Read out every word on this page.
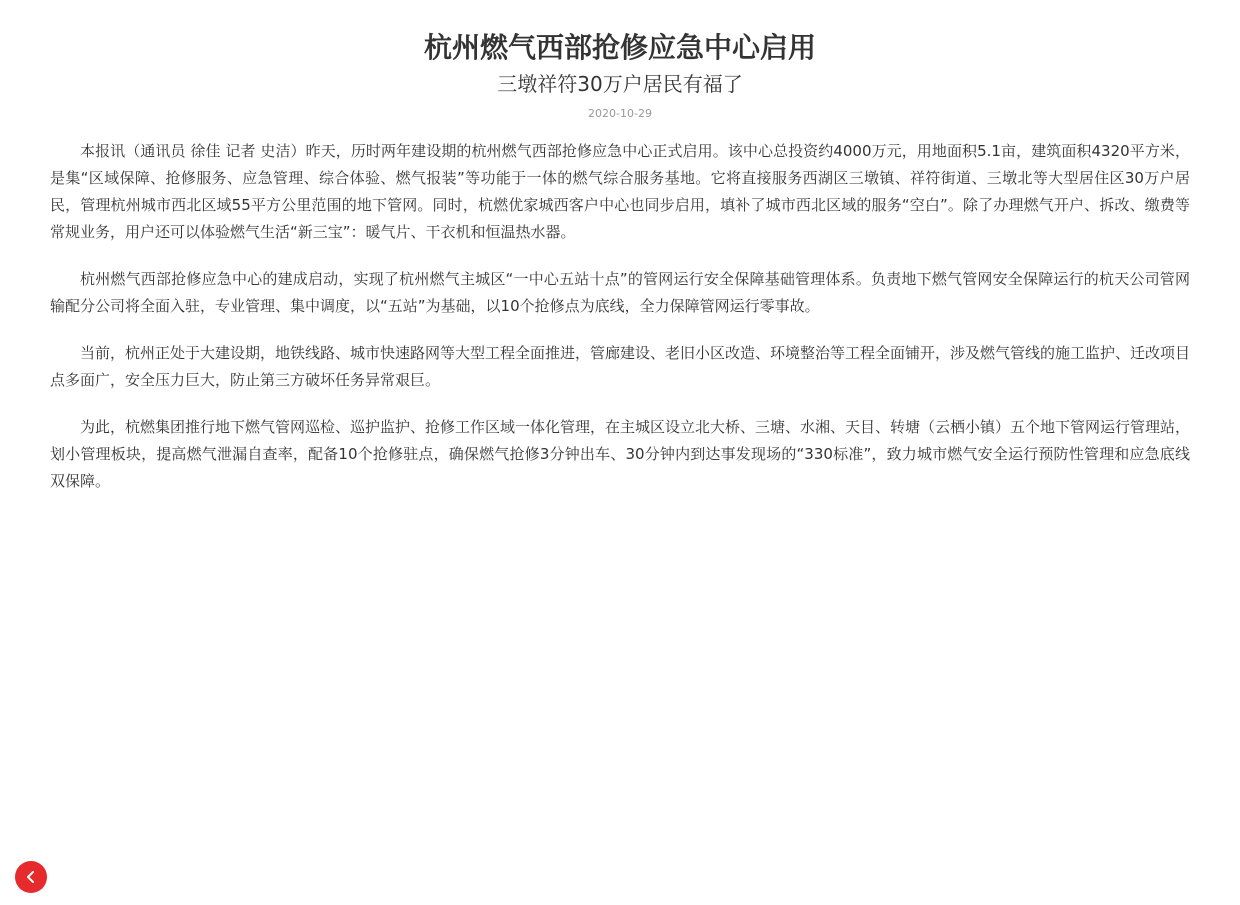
杭州燃气西部抢修应急中心启用
三墩祥符30万户居民有福了
2020-10-29

本报讯（通讯员 徐佳 记者 史洁）昨天，历时两年建设期的杭州燃气西部抢修应急中心正式启用。该中心总投资约4000万元，用地面积5.1亩，建筑面积4320平方米，是集“区域保障、抢修服务、应急管理、综合体验、燃气报装”等功能于一体的燃气综合服务基地。它将直接服务西湖区三墩镇、祥符街道、三墩北等大型居住区30万户居民，管理杭州城市西北区域55平方公里范围的地下管网。同时，杭燃优家城西客户中心也同步启用，填补了城市西北区域的服务“空白”。除了办理燃气开户、拆改、缴费等常规业务，用户还可以体验燃气生活“新三宝”：暖气片、干衣机和恒温热水器。

杭州燃气西部抢修应急中心的建成启动，实现了杭州燃气主城区“一中心五站十点”的管网运行安全保障基础管理体系。负责地下燃气管网安全保障运行的杭天公司管网输配分公司将全面入驻，专业管理、集中调度，以“五站”为基础，以10个抢修点为底线，全力保障管网运行零事故。

当前，杭州正处于大建设期，地铁线路、城市快速路网等大型工程全面推进，管廊建设、老旧小区改造、环境整治等工程全面铺开，涉及燃气管线的施工监护、迁改项目点多面广，安全压力巨大，防止第三方破坏任务异常艰巨。

为此，杭燃集团推行地下燃气管网巡检、巡护监护、抢修工作区域一体化管理，在主城区设立北大桥、三塘、水湘、天目、转塘（云栖小镇）五个地下管网运行管理站，划小管理板块，提高燃气泄漏自查率，配备10个抢修驻点，确保燃气抢修3分钟出车、30分钟内到达事发现场的“330标准”，致力城市燃气安全运行预防性管理和应急底线双保障。
